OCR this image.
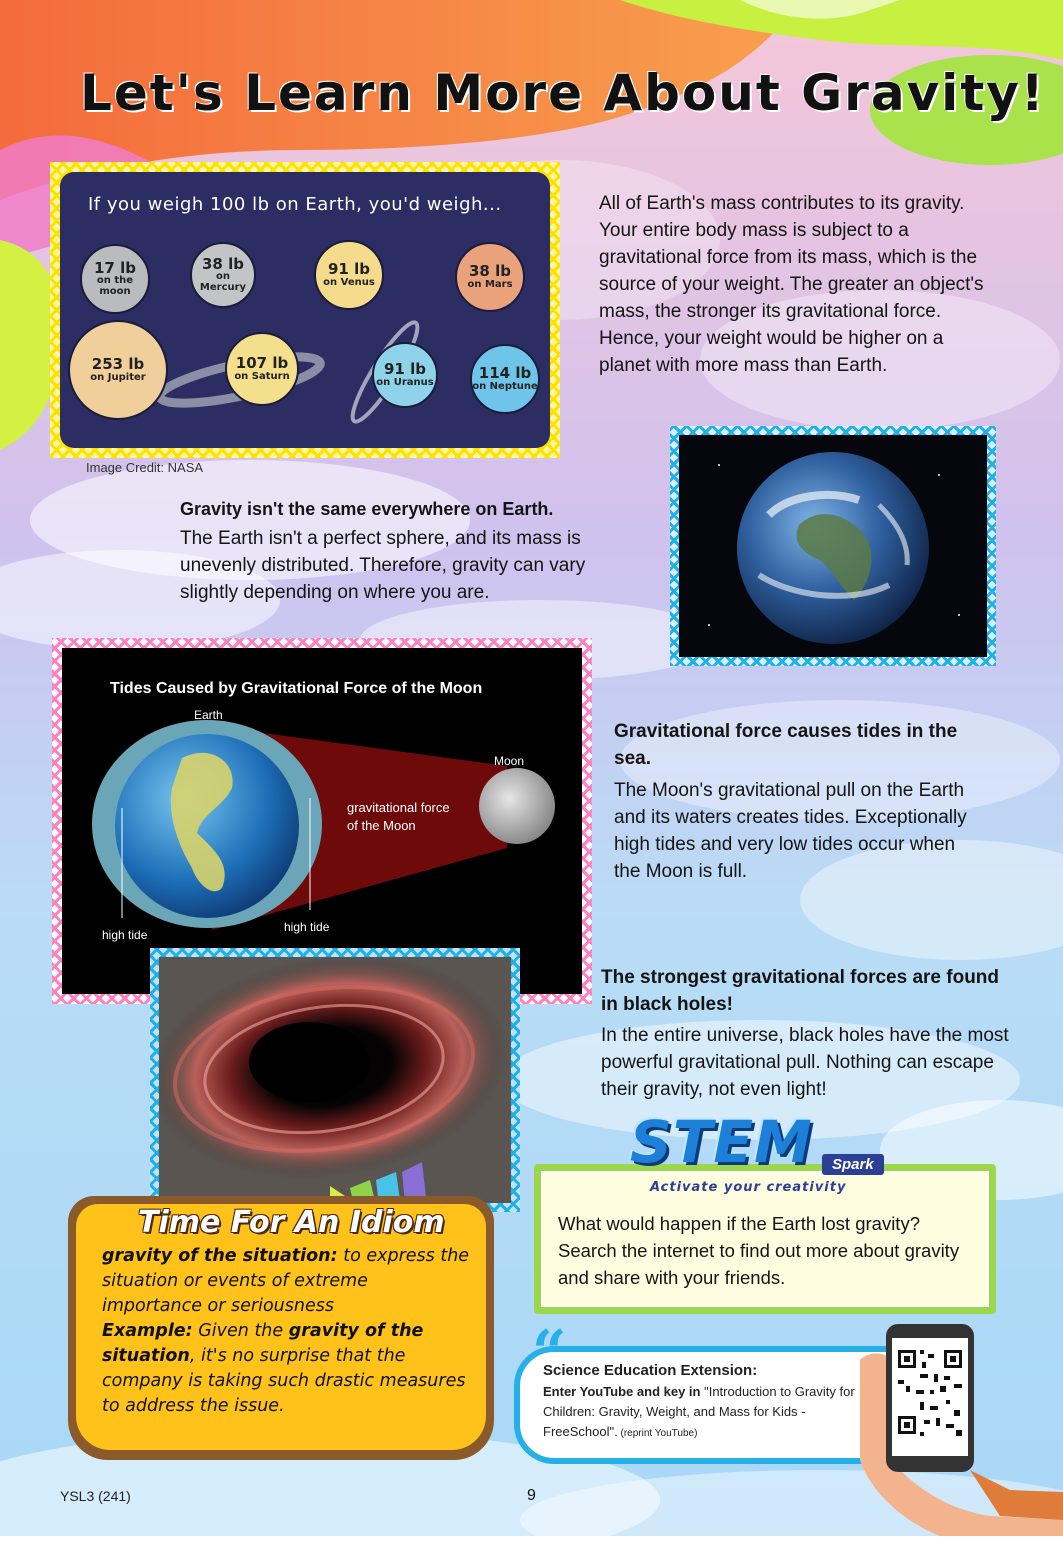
Let's Learn More About Gravity!
If you weigh 100 lb on Earth, you'd weigh...
17 lb
on the moon
38 lb
on Mercury
91 lb
on Venus
38 lb
on Mars
253 lb
on Jupiter
107 lb
on Saturn	91 lb
on Uranus
114 lb
on Neptune
Image Credit: NASA
All of Earth's mass contributes to its gravity. Your entire body mass is subject to a gravitational force from its mass, which is the source of your weight. The greater an object's mass, the stronger its gravitational force. Hence, your weight would be higher on a planet with more mass than Earth.
Gravity isn't the same everywhere on Earth.
The Earth isn't a perfect sphere, and its mass is unevenly distributed. Therefore, gravity can vary slightly depending on where you are.
Tides Caused by Gravitational Force of the Moon
Earth
Moon
gravitational force
of the Moon
high tide
high tide
Gravitational force causes tides in the sea.
The Moon's gravitational pull on the Earth and its waters creates tides. Exceptionally high tides and very low tides occur when the Moon is full.
The strongest gravitational forces are found in black holes!
In the entire universe, black holes have the most powerful gravitational pull. Nothing can escape their gravity, not even light!
STEM	Spark
Activate your creativity
What would happen if the Earth lost gravity? Search the internet to find out more about gravity and share with your friends.
Time For An Idiom
gravity of the situation: to express the situation or events of extreme importance or seriousness
Example: Given the gravity of the situation, it's no surprise that the company is taking such drastic measures to address the issue.
“
Science Education Extension:
Enter YouTube and key in "Introduction to Gravity for Children: Gravity, Weight, and Mass for Kids - FreeSchool". (reprint YouTube)
YSL3 (241)	9
